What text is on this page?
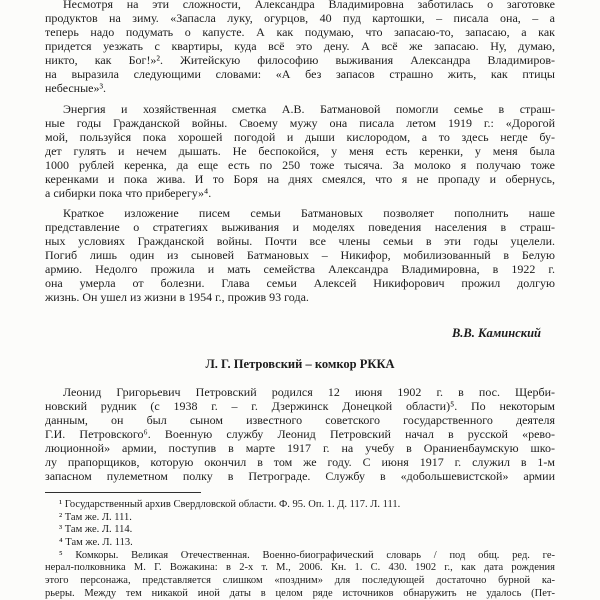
Несмотря на эти сложности, Александра Владимировна заботилась о заготовке
продуктов на зиму. «Запасла луку, огурцов, 40 пуд картошки, – писала она, – а
теперь надо подумать о капусте. А как подумаю, что запасаю-то, запасаю, а как
придется уезжать с квартиры, куда всё это дену. А всё же запасаю. Ну, думаю,
никто, как Бог!»². Житейскую философию выживания Александра Владимиров-
на выразила следующими словами: «А без запасов страшно жить, как птицы
небесные»³.
Энергия и хозяйственная сметка А.В. Батмановой помогли семье в страш-
ные годы Гражданской войны. Своему мужу она писала летом 1919 г.: «Дорогой
мой, пользуйся пока хорошей погодой и дыши кислородом, а то здесь негде бу-
дет гулять и нечем дышать. Не беспокойся, у меня есть керенки, у меня была
1000 рублей керенка, да еще есть по 250 тоже тысяча. За молоко я получаю тоже
керенками и пока жива. И то Боря на днях смеялся, что я не пропаду и обернусь,
а сибирки пока что приберегу»⁴.
Краткое изложение писем семьи Батмановых позволяет пополнить наше
представление о стратегиях выживания и моделях поведения населения в страш-
ных условиях Гражданской войны. Почти все члены семьи в эти годы уцелели.
Погиб лишь один из сыновей Батмановых – Никифор, мобилизованный в Белую
армию. Недолго прожила и мать семейства Александра Владимировна, в 1922 г.
она умерла от болезни. Глава семьи Алексей Никифорович прожил долгую
жизнь. Он ушел из жизни в 1954 г., прожив 93 года.
В.В. Каминский
Л. Г. Петровский – комкор РККА
Леонид Григорьевич Петровский родился 12 июня 1902 г. в пос. Щерби-
новский рудник (с 1938 г. – г. Дзержинск Донецкой области)⁵. По некоторым
данным, он был сыном известного советского государственного деятеля
Г.И. Петровского⁶. Военную службу Леонид Петровский начал в русской «рево-
люционной» армии, поступив в марте 1917 г. на учебу в Ораниенбаумскую шко-
лу прапорщиков, которую окончил в том же году. С июня 1917 г. служил в 1-м
запасном пулеметном полку в Петрограде. Службу в «добольшевистской» армии
¹ Государственный архив Свердловской области. Ф. 95. Оп. 1. Д. 117. Л. 111.
² Там же. Л. 111.
³ Там же. Л. 114.
⁴ Там же. Л. 113.
⁵ Комкоры. Великая Отечественная. Военно-биографический словарь / под общ. ред. ге-
нерал-полковника М. Г. Вожакина: в 2-х т. М., 2006. Кн. 1. С. 430. 1902 г., как дата рождения
этого персонажа, представляется слишком «поздним» для последующей достаточно бурной ка-
рьеры. Между тем никакой иной даты в целом ряде источников обнаружить не удалось (Пет-
